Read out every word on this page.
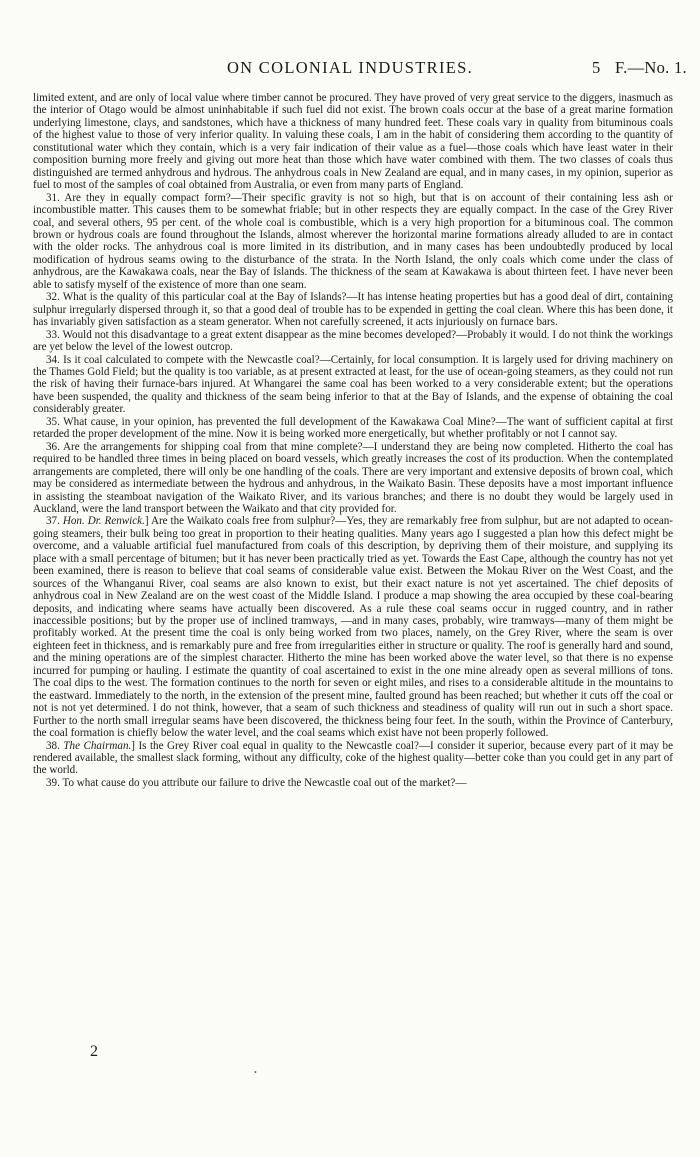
ON COLONIAL INDUSTRIES.	5 F.—No. 1.

limited extent, and are only of local value where timber cannot be procured. They have proved of very great service to the diggers, inasmuch as the interior of Otago would be almost uninhabitable if such fuel did not exist. The brown coals occur at the base of a great marine formation underlying limestone, clays, and sandstones, which have a thickness of many hundred feet. These coals vary in quality from bituminous coals of the highest value to those of very inferior quality. In valuing these coals, I am in the habit of considering them according to the quantity of constitutional water which they contain, which is a very fair indication of their value as a fuel—those coals which have least water in their composition burning more freely and giving out more heat than those which have water combined with them. The two classes of coals thus distinguished are termed anhydrous and hydrous. The anhydrous coals in New Zealand are equal, and in many cases, in my opinion, superior as fuel to most of the samples of coal obtained from Australia, or even from many parts of England.

31. Are they in equally compact form?—Their specific gravity is not so high, but that is on account of their containing less ash or incombustible matter. This causes them to be somewhat friable; but in other respects they are equally compact. In the case of the Grey River coal, and several others, 95 per cent. of the whole coal is combustible, which is a very high proportion for a bituminous coal. The common brown or hydrous coals are found throughout the Islands, almost wherever the horizontal marine formations already alluded to are in contact with the older rocks. The anhydrous coal is more limited in its distribution, and in many cases has been undoubtedly produced by local modification of hydrous seams owing to the disturbance of the strata. In the North Island, the only coals which come under the class of anhydrous, are the Kawakawa coals, near the Bay of Islands. The thickness of the seam at Kawakawa is about thirteen feet. I have never been able to satisfy myself of the existence of more than one seam.

32. What is the quality of this particular coal at the Bay of Islands?—It has intense heating properties but has a good deal of dirt, containing sulphur irregularly dispersed through it, so that a good deal of trouble has to be expended in getting the coal clean. Where this has been done, it has invariably given satisfaction as a steam generator. When not carefully screened, it acts injuriously on furnace bars.

33. Would not this disadvantage to a great extent disappear as the mine becomes developed?—Probably it would. I do not think the workings are yet below the level of the lowest outcrop.

34. Is it coal calculated to compete with the Newcastle coal?—Certainly, for local consumption. It is largely used for driving machinery on the Thames Gold Field; but the quality is too variable, as at present extracted at least, for the use of ocean-going steamers, as they could not run the risk of having their furnace-bars injured. At Whangarei the same coal has been worked to a very considerable extent; but the operations have been suspended, the quality and thickness of the seam being inferior to that at the Bay of Islands, and the expense of obtaining the coal considerably greater.

35. What cause, in your opinion, has prevented the full development of the Kawakawa Coal Mine?—The want of sufficient capital at first retarded the proper development of the mine. Now it is being worked more energetically, but whether profitably or not I cannot say.

36. Are the arrangements for shipping coal from that mine complete?—I understand they are being now completed. Hitherto the coal has required to be handled three times in being placed on board vessels, which greatly increases the cost of its production. When the contemplated arrangements are completed, there will only be one handling of the coals. There are very important and extensive deposits of brown coal, which may be considered as intermediate between the hydrous and anhydrous, in the Waikato Basin. These deposits have a most important influence in assisting the steamboat navigation of the Waikato River, and its various branches; and there is no doubt they would be largely used in Auckland, were the land transport between the Waikato and that city provided for.

37. Hon. Dr. Renwick.] Are the Waikato coals free from sulphur?—Yes, they are remarkably free from sulphur, but are not adapted to ocean-going steamers, their bulk being too great in proportion to their heating qualities. Many years ago I suggested a plan how this defect might be overcome, and a valuable artificial fuel manufactured from coals of this description, by depriving them of their moisture, and supplying its place with a small percentage of bitumen; but it has never been practically tried as yet. Towards the East Cape, although the country has not yet been examined, there is reason to believe that coal seams of considerable value exist. Between the Mokau River on the West Coast, and the sources of the Whanganui River, coal seams are also known to exist, but their exact nature is not yet ascertained. The chief deposits of anhydrous coal in New Zealand are on the west coast of the Middle Island. I produce a map showing the area occupied by these coal-bearing deposits, and indicating where seams have actually been discovered. As a rule these coal seams occur in rugged country, and in rather inaccessible positions; but by the proper use of inclined tramways, —and in many cases, probably, wire tramways—many of them might be profitably worked. At the present time the coal is only being worked from two places, namely, on the Grey River, where the seam is over eighteen feet in thickness, and is remarkably pure and free from irregularities either in structure or quality. The roof is generally hard and sound, and the mining operations are of the simplest character. Hitherto the mine has been worked above the water level, so that there is no expense incurred for pumping or hauling. I estimate the quantity of coal ascertained to exist in the one mine already open as several millions of tons. The coal dips to the west. The formation continues to the north for seven or eight miles, and rises to a considerable altitude in the mountains to the eastward. Immediately to the north, in the extension of the present mine, faulted ground has been reached; but whether it cuts off the coal or not is not yet determined. I do not think, however, that a seam of such thickness and steadiness of quality will run out in such a short space. Further to the north small irregular seams have been discovered, the thickness being four feet. In the south, within the Province of Canterbury, the coal formation is chiefly below the water level, and the coal seams which exist have not been properly followed.

38. The Chairman.] Is the Grey River coal equal in quality to the Newcastle coal?—I consider it superior, because every part of it may be rendered available, the smallest slack forming, without any difficulty, coke of the highest quality—better coke than you could get in any part of the world.

39. To what cause do you attribute our failure to drive the Newcastle coal out of the market?—

2
•
